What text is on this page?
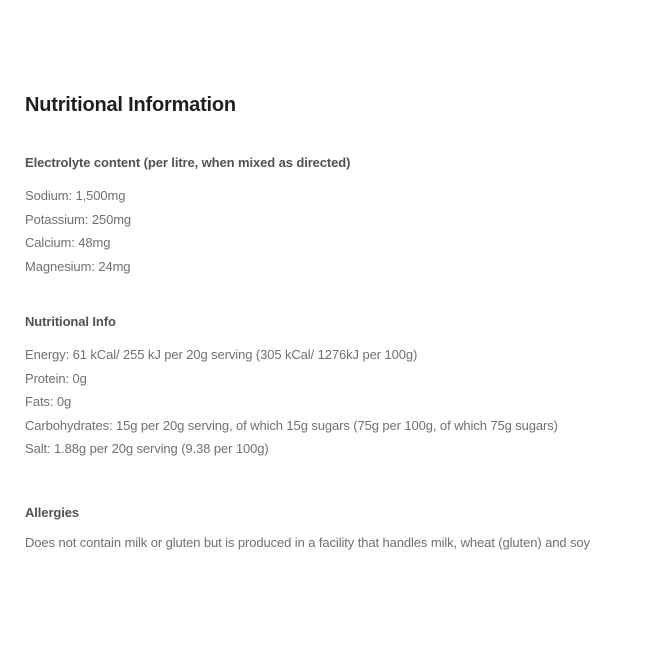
Nutritional Information
Electrolyte content (per litre, when mixed as directed)

Sodium: 1,500mg

Potassium: 250mg

Calcium: 48mg

Magnesium: 24mg

Nutritional Info

Energy: 61 kCal/ 255 kJ per 20g serving (305 kCal/ 1276kJ per 100g)

Protein: 0g

Fats: 0g

Carbohydrates: 15g per 20g serving, of which 15g sugars (75g per 100g, of which 75g sugars)

Salt: 1.88g per 20g serving (9.38 per 100g)

Allergies

Does not contain milk or gluten but is produced in a facility that handles milk, wheat (gluten) and soy
